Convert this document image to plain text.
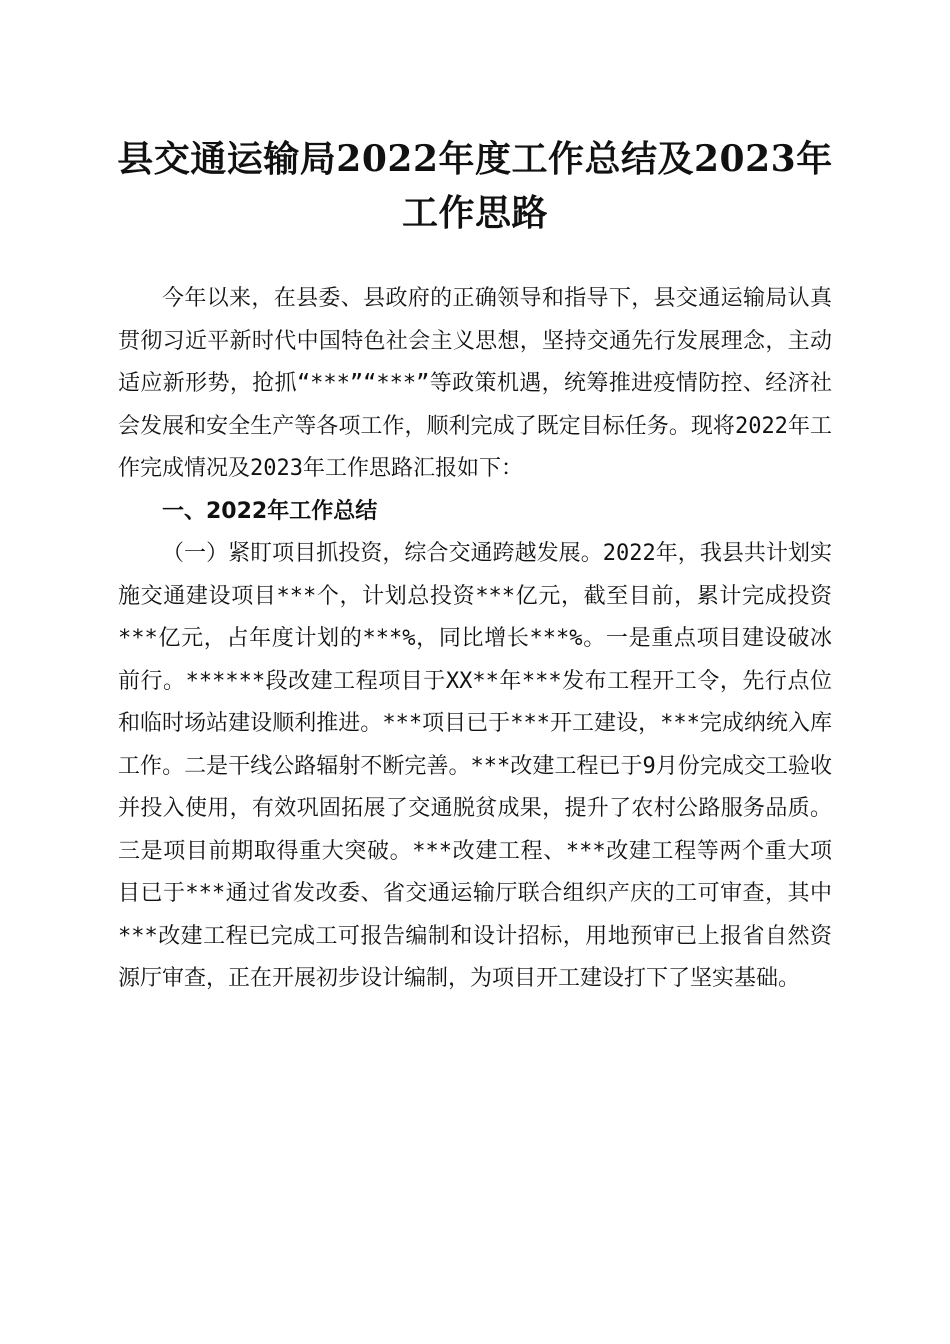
县交通运输局2022年度工作总结及2023年工作思路

今年以来，在县委、县政府的正确领导和指导下，县交通运输局认真贯彻习近平新时代中国特色社会主义思想，坚持交通先行发展理念，主动适应新形势，抢抓“***”“***”等政策机遇，统筹推进疫情防控、经济社会发展和安全生产等各项工作，顺利完成了既定目标任务。现将2022年工作完成情况及2023年工作思路汇报如下：

一、2022年工作总结

（一）紧盯项目抓投资，综合交通跨越发展。2022年，我县共计划实施交通建设项目***个，计划总投资***亿元，截至目前，累计完成投资***亿元，占年度计划的***%，同比增长***%。一是重点项目建设破冰前行。******段改建工程项目于XX**年***发布工程开工令，先行点位和临时场站建设顺利推进。***项目已于***开工建设，***完成纳统入库工作。二是干线公路辐射不断完善。***改建工程已于9月份完成交工验收并投入使用，有效巩固拓展了交通脱贫成果，提升了农村公路服务品质。三是项目前期取得重大突破。***改建工程、***改建工程等两个重大项目已于***通过省发改委、省交通运输厅联合组织产庆的工可审查，其中***改建工程已完成工可报告编制和设计招标，用地预审已上报省自然资源厅审查，正在开展初步设计编制，为项目开工建设打下了坚实基础。
